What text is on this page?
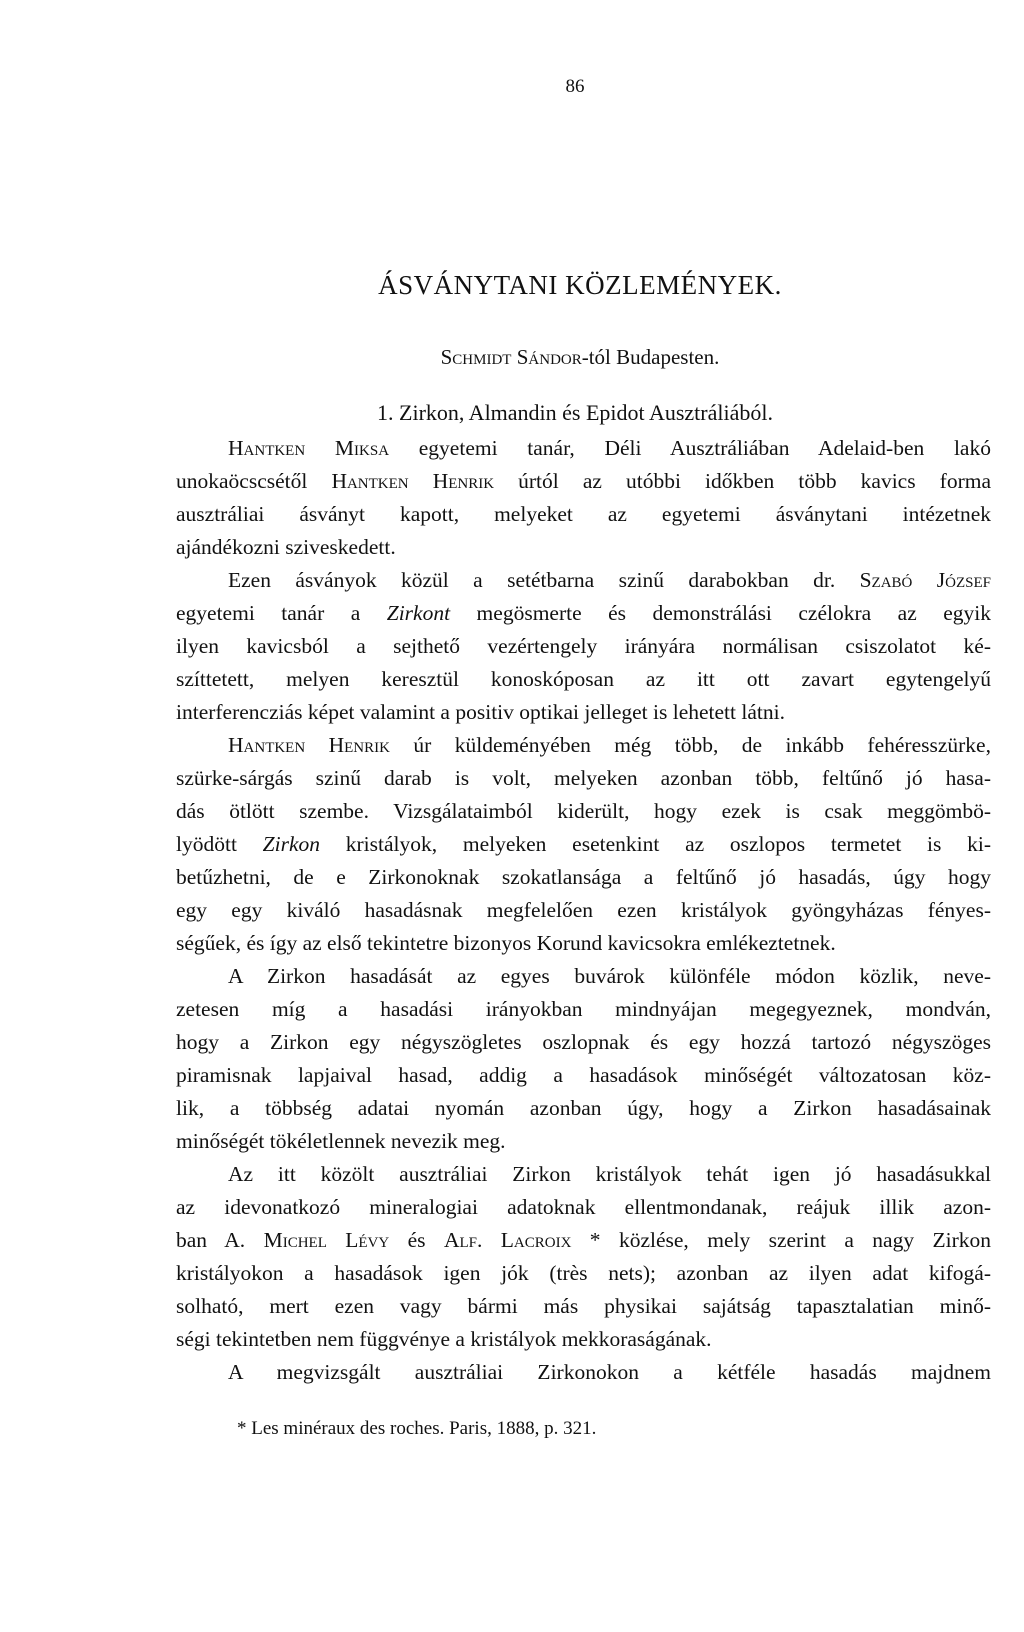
86
ÁSVÁNYTANI KÖZLEMÉNYEK.
Schmidt Sándor-tól Budapesten.
1. Zirkon, Almandin és Epidot Ausztráliából.
Hantken Miksa egyetemi tanár, Déli Ausztráliában Adelaid-ben lakó
unokaöcscsétől Hantken Henrik úrtól az utóbbi időkben több kavics forma
ausztráliai ásványt kapott, melyeket az egyetemi ásványtani intézetnek
ajándékozni sziveskedett.
Ezen ásványok közül a setétbarna szinű darabokban dr. Szabó József
egyetemi tanár a Zirkont megösmerte és demonstrálási czélokra az egyik
ilyen kavicsból a sejthető vezértengely irányára normálisan csiszolatot ké-
szíttetett, melyen keresztül konoskóposan az itt ott zavart egytengelyű
interferencziás képet valamint a positiv optikai jelleget is lehetett látni.
Hantken Henrik úr küldeményében még több, de inkább fehéresszürke,
szürke-sárgás szinű darab is volt, melyeken azonban több, feltűnő jó hasa-
dás ötlött szembe. Vizsgálataimból kiderült, hogy ezek is csak meggömbö-
lyödött Zirkon kristályok, melyeken esetenkint az oszlopos termetet is ki-
betűzhetni, de e Zirkonoknak szokatlansága a feltűnő jó hasadás, úgy hogy
egy egy kiváló hasadásnak megfelelően ezen kristályok gyöngyházas fényes-
ségűek, és így az első tekintetre bizonyos Korund kavicsokra emlékeztetnek.
A Zirkon hasadását az egyes buvárok különféle módon közlik, neve-
zetesen míg a hasadási irányokban mindnyájan megegyeznek, mondván,
hogy a Zirkon egy négyszögletes oszlopnak és egy hozzá tartozó négyszöges
piramisnak lapjaival hasad, addig a hasadások minőségét változatosan köz-
lik, a többség adatai nyomán azonban úgy, hogy a Zirkon hasadásainak
minőségét tökéletlennek nevezik meg.
Az itt közölt ausztráliai Zirkon kristályok tehát igen jó hasadásukkal
az idevonatkozó mineralogiai adatoknak ellentmondanak, reájuk illik azon-
ban A. Michel Lévy és Alf. Lacroix * közlése, mely szerint a nagy Zirkon
kristályokon a hasadások igen jók (très nets); azonban az ilyen adat kifogá-
solható, mert ezen vagy bármi más physikai sajátság tapasztalatian minő-
ségi tekintetben nem függvénye a kristályok mekkoraságának.
A megvizsgált ausztráliai Zirkonokon a kétféle hasadás majdnem
* Les minéraux des roches. Paris, 1888, p. 321.
